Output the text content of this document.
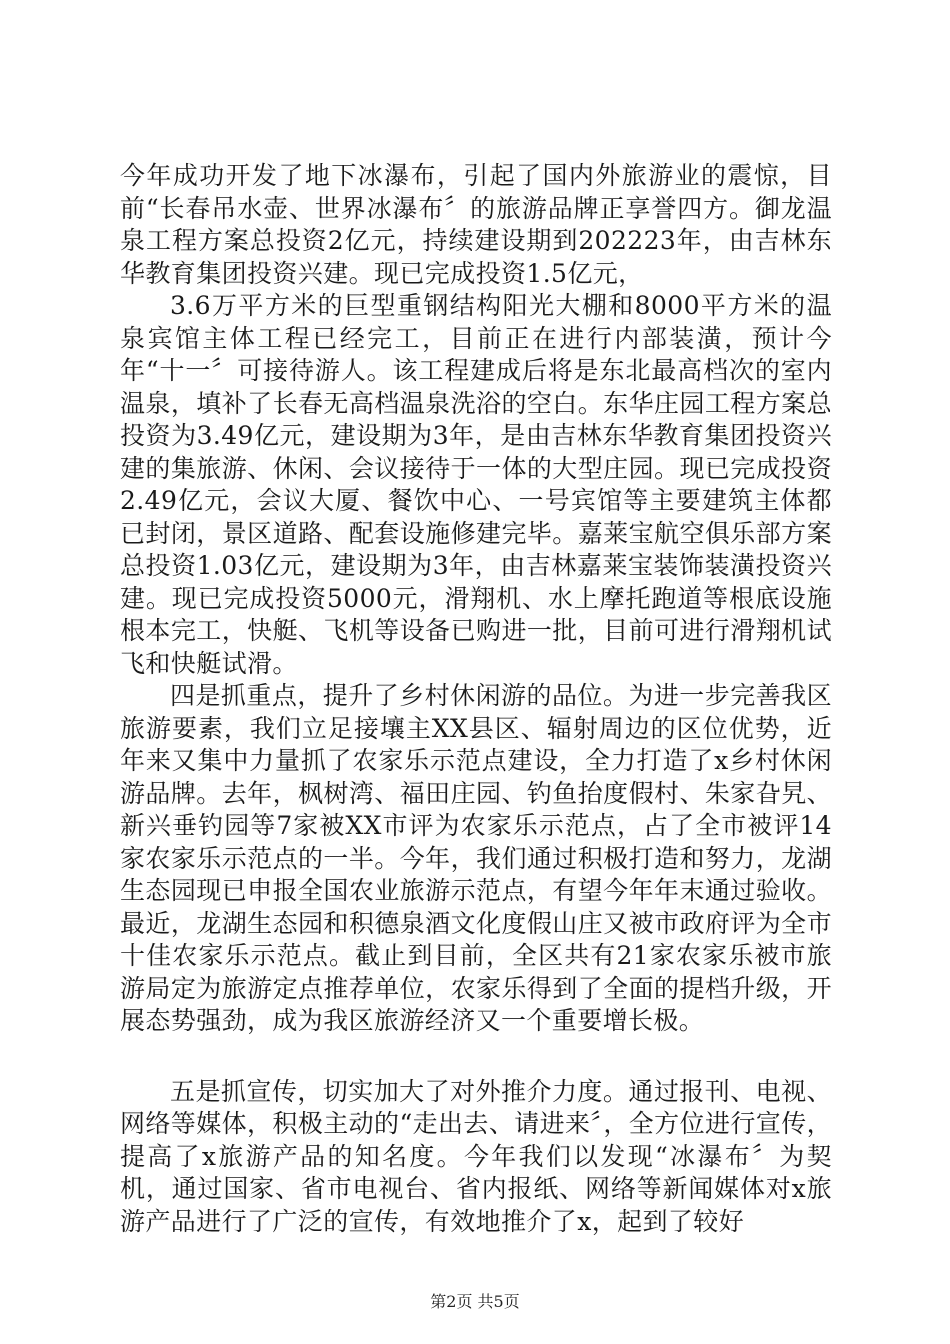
今年成功开发了地下冰瀑布，引起了国内外旅游业的震惊，目前“长春吊水壶、世界冰瀑布〞的旅游品牌正享誉四方。御龙温泉工程方案总投资2亿元，持续建设期到202223年，由吉林东华教育集团投资兴建。现已完成投资1.5亿元，

3.6万平方米的巨型重钢结构阳光大棚和8000平方米的温泉宾馆主体工程已经完工，目前正在进行内部装潢，预计今年“十一〞可接待游人。该工程建成后将是东北最高档次的室内温泉，填补了长春无高档温泉洗浴的空白。东华庄园工程方案总投资为3.49亿元，建设期为3年，是由吉林东华教育集团投资兴建的集旅游、休闲、会议接待于一体的大型庄园。现已完成投资2.49亿元，会议大厦、餐饮中心、一号宾馆等主要建筑主体都已封闭，景区道路、配套设施修建完毕。嘉莱宝航空俱乐部方案总投资1.03亿元，建设期为3年，由吉林嘉莱宝装饰装潢投资兴建。现已完成投资5000元，滑翔机、水上摩托跑道等根底设施根本完工，快艇、飞机等设备已购进一批，目前可进行滑翔机试飞和快艇试滑。

四是抓重点，提升了乡村休闲游的品位。为进一步完善我区旅游要素，我们立足接壤主XX县区、辐射周边的区位优势，近年来又集中力量抓了农家乐示范点建设，全力打造了x乡村休闲游品牌。去年，枫树湾、福田庄园、钓鱼抬度假村、朱家旮旯、新兴垂钓园等7家被XX市评为农家乐示范点，占了全市被评14家农家乐示范点的一半。今年，我们通过积极打造和努力，龙湖生态园现已申报全国农业旅游示范点，有望今年年末通过验收。最近，龙湖生态园和积德泉酒文化度假山庄又被市政府评为全市十佳农家乐示范点。截止到目前，全区共有21家农家乐被市旅游局定为旅游定点推荐单位，农家乐得到了全面的提档升级，开展态势强劲，成为我区旅游经济又一个重要增长极。

五是抓宣传，切实加大了对外推介力度。通过报刊、电视、网络等媒体，积极主动的“走出去、请进来〞，全方位进行宣传，提高了x旅游产品的知名度。今年我们以发现“冰瀑布〞为契机，通过国家、省市电视台、省内报纸、网络等新闻媒体对x旅游产品进行了广泛的宣传，有效地推介了x，起到了较好

第2页 共5页
